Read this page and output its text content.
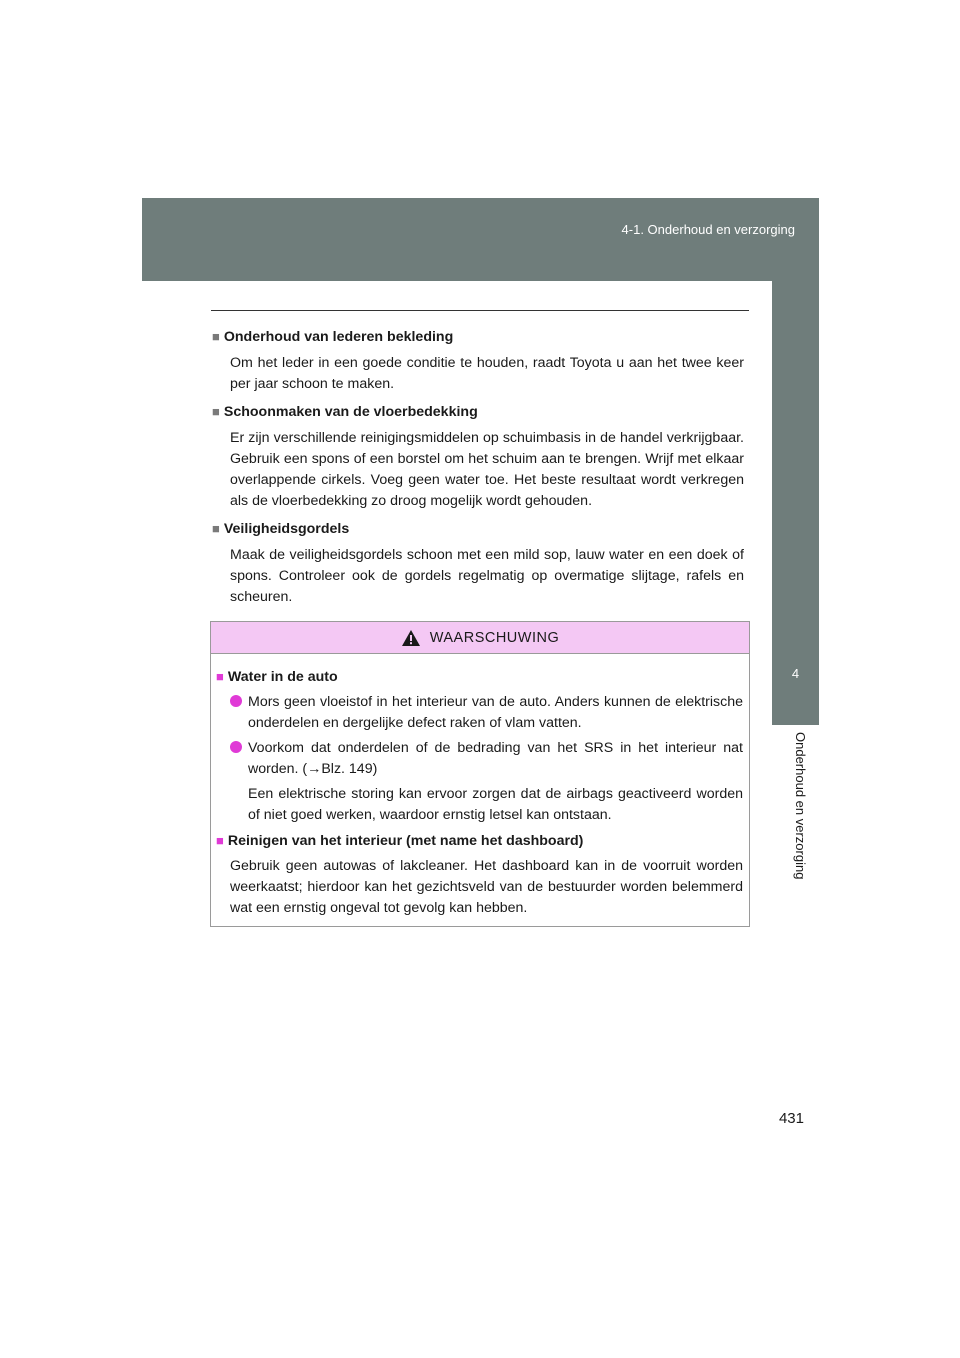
4-1. Onderhoud en verzorging
4
Onderhoud en verzorging
■ Onderhoud van lederen bekleding
Om het leder in een goede conditie te houden, raadt Toyota u aan het twee keer per jaar schoon te maken.
■ Schoonmaken van de vloerbedekking
Er zijn verschillende reinigingsmiddelen op schuimbasis in de handel verkrijgbaar. Gebruik een spons of een borstel om het schuim aan te brengen. Wrijf met elkaar overlappende cirkels. Voeg geen water toe. Het beste resultaat wordt verkregen als de vloerbedekking zo droog mogelijk wordt gehouden.
■ Veiligheidsgordels
Maak de veiligheidsgordels schoon met een mild sop, lauw water en een doek of spons. Controleer ook de gordels regelmatig op overmatige slijtage, rafels en scheuren.
WAARSCHUWING
■ Water in de auto
Mors geen vloeistof in het interieur van de auto. Anders kunnen de elektrische onderdelen en dergelijke defect raken of vlam vatten.
Voorkom dat onderdelen of de bedrading van het SRS in het interieur nat worden. (→Blz. 149)
Een elektrische storing kan ervoor zorgen dat de airbags geactiveerd worden of niet goed werken, waardoor ernstig letsel kan ontstaan.
■ Reinigen van het interieur (met name het dashboard)
Gebruik geen autowas of lakcleaner. Het dashboard kan in de voorruit worden weerkaatst; hierdoor kan het gezichtsveld van de bestuurder worden belemmerd wat een ernstig ongeval tot gevolg kan hebben.
431
